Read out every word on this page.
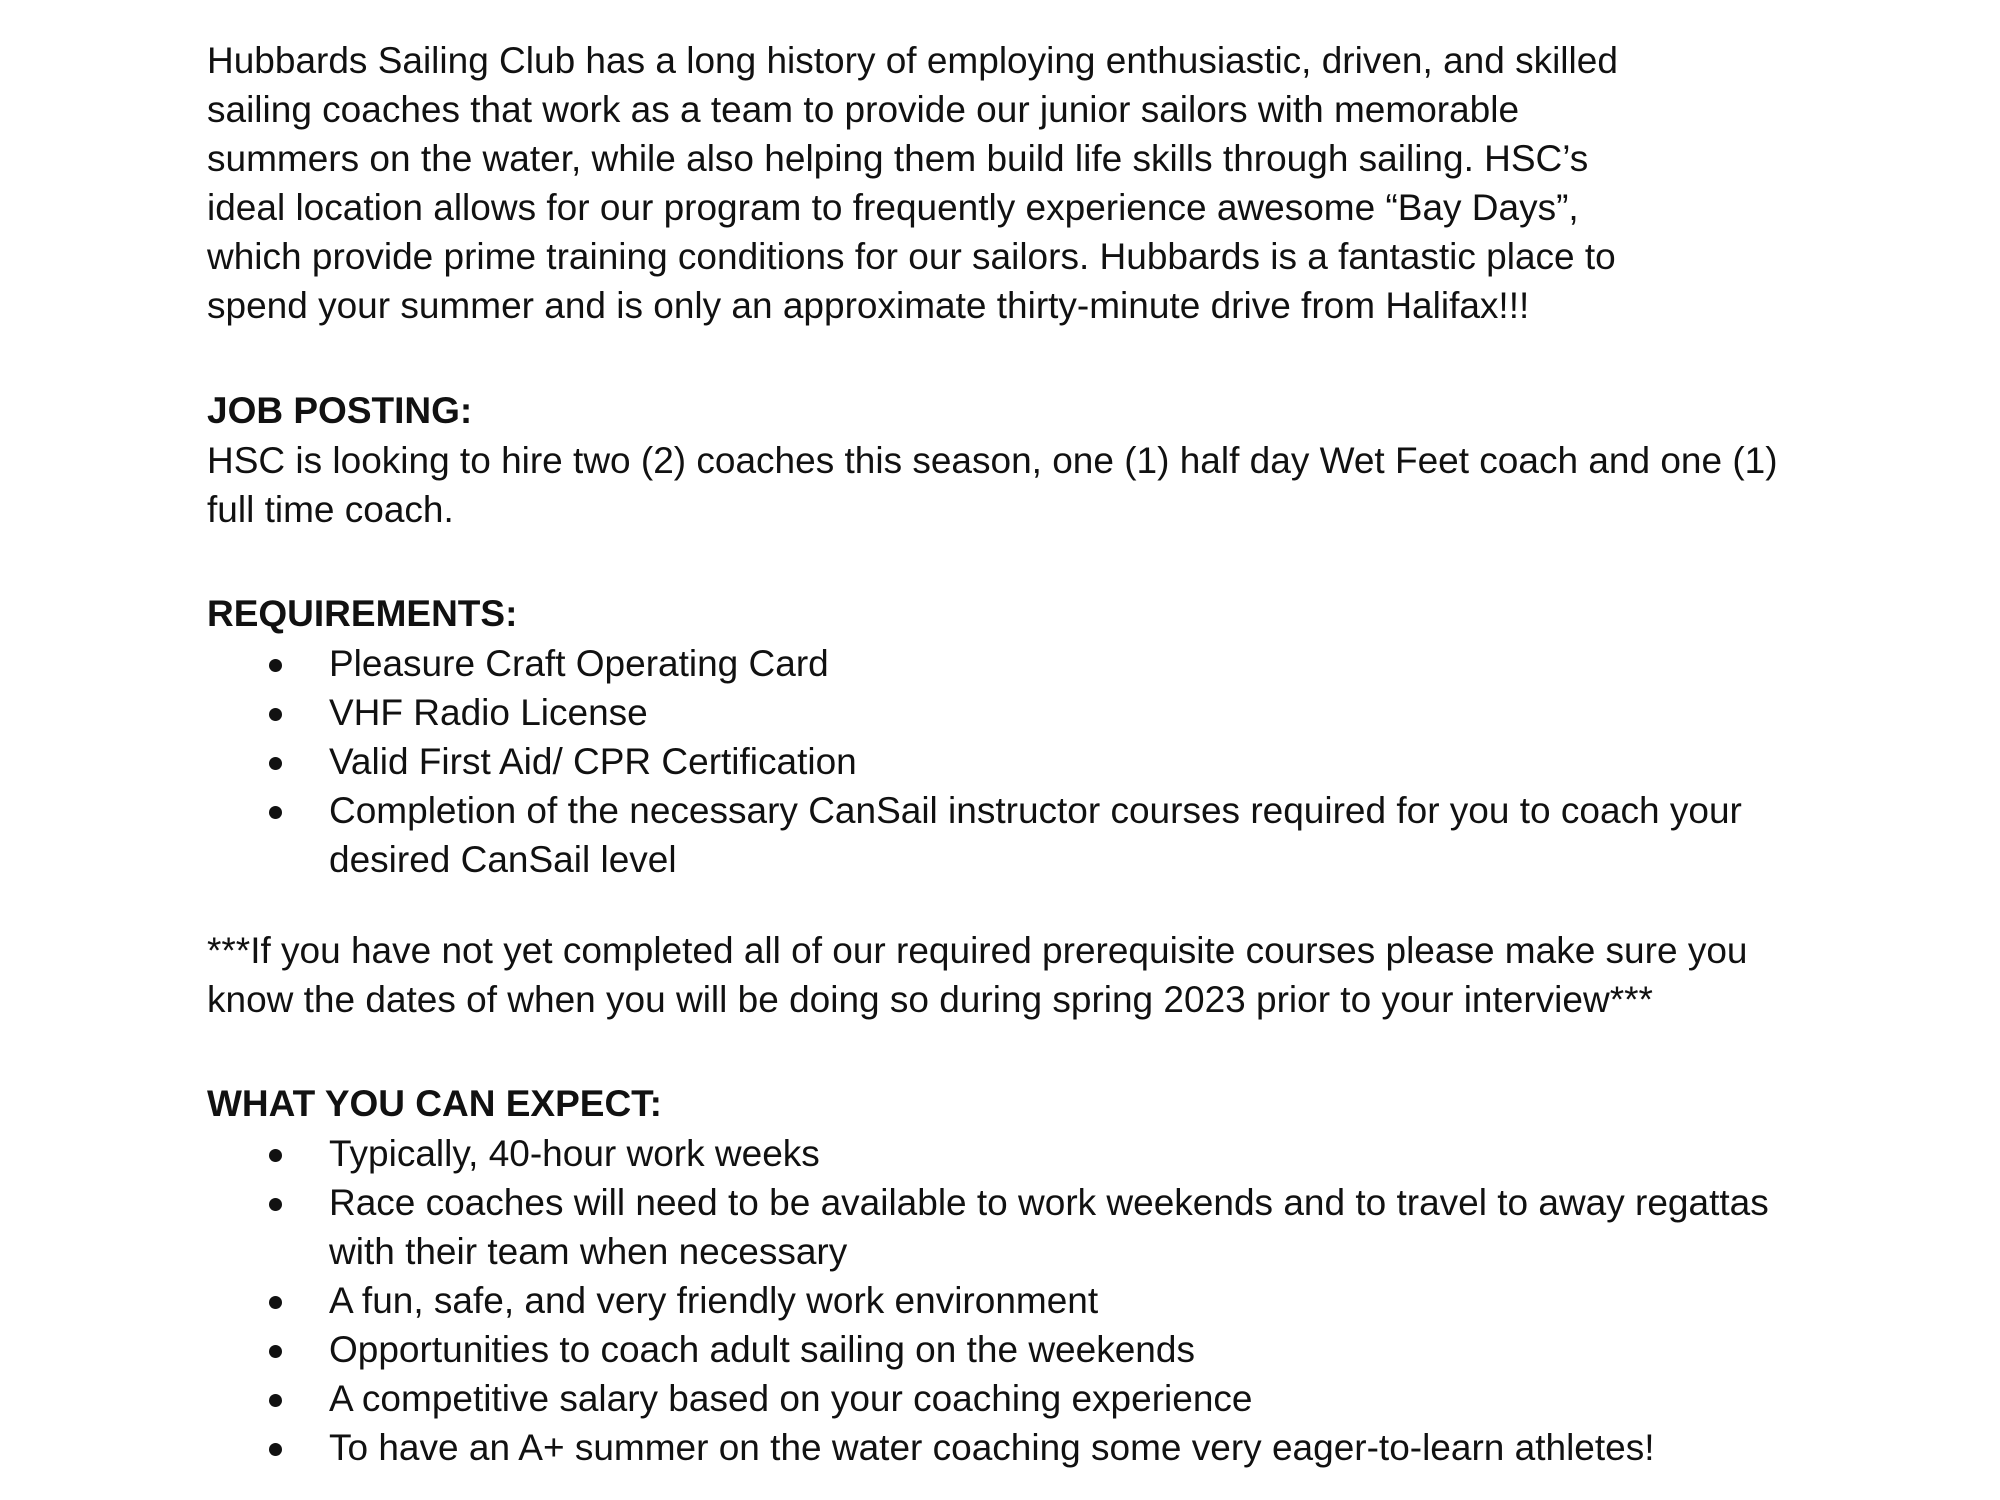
Hubbards Sailing Club has a long history of employing enthusiastic, driven, and skilled
sailing coaches that work as a team to provide our junior sailors with memorable
summers on the water, while also helping them build life skills through sailing. HSC’s
ideal location allows for our program to frequently experience awesome “Bay Days”,
which provide prime training conditions for our sailors. Hubbards is a fantastic place to
spend your summer and is only an approximate thirty-minute drive from Halifax!!!
JOB POSTING:
HSC is looking to hire two (2) coaches this season, one (1) half day Wet Feet coach and one (1)
full time coach.
REQUIREMENTS:
Pleasure Craft Operating Card
VHF Radio License
Valid First Aid/ CPR Certification
Completion of the necessary CanSail instructor courses required for you to coach your desired CanSail level
***If you have not yet completed all of our required prerequisite courses please make sure you
know the dates of when you will be doing so during spring 2023 prior to your interview***
WHAT YOU CAN EXPECT:
Typically, 40-hour work weeks
Race coaches will need to be available to work weekends and to travel to away regattas with their team when necessary
A fun, safe, and very friendly work environment
Opportunities to coach adult sailing on the weekends
A competitive salary based on your coaching experience
To have an A+ summer on the water coaching some very eager-to-learn athletes!
